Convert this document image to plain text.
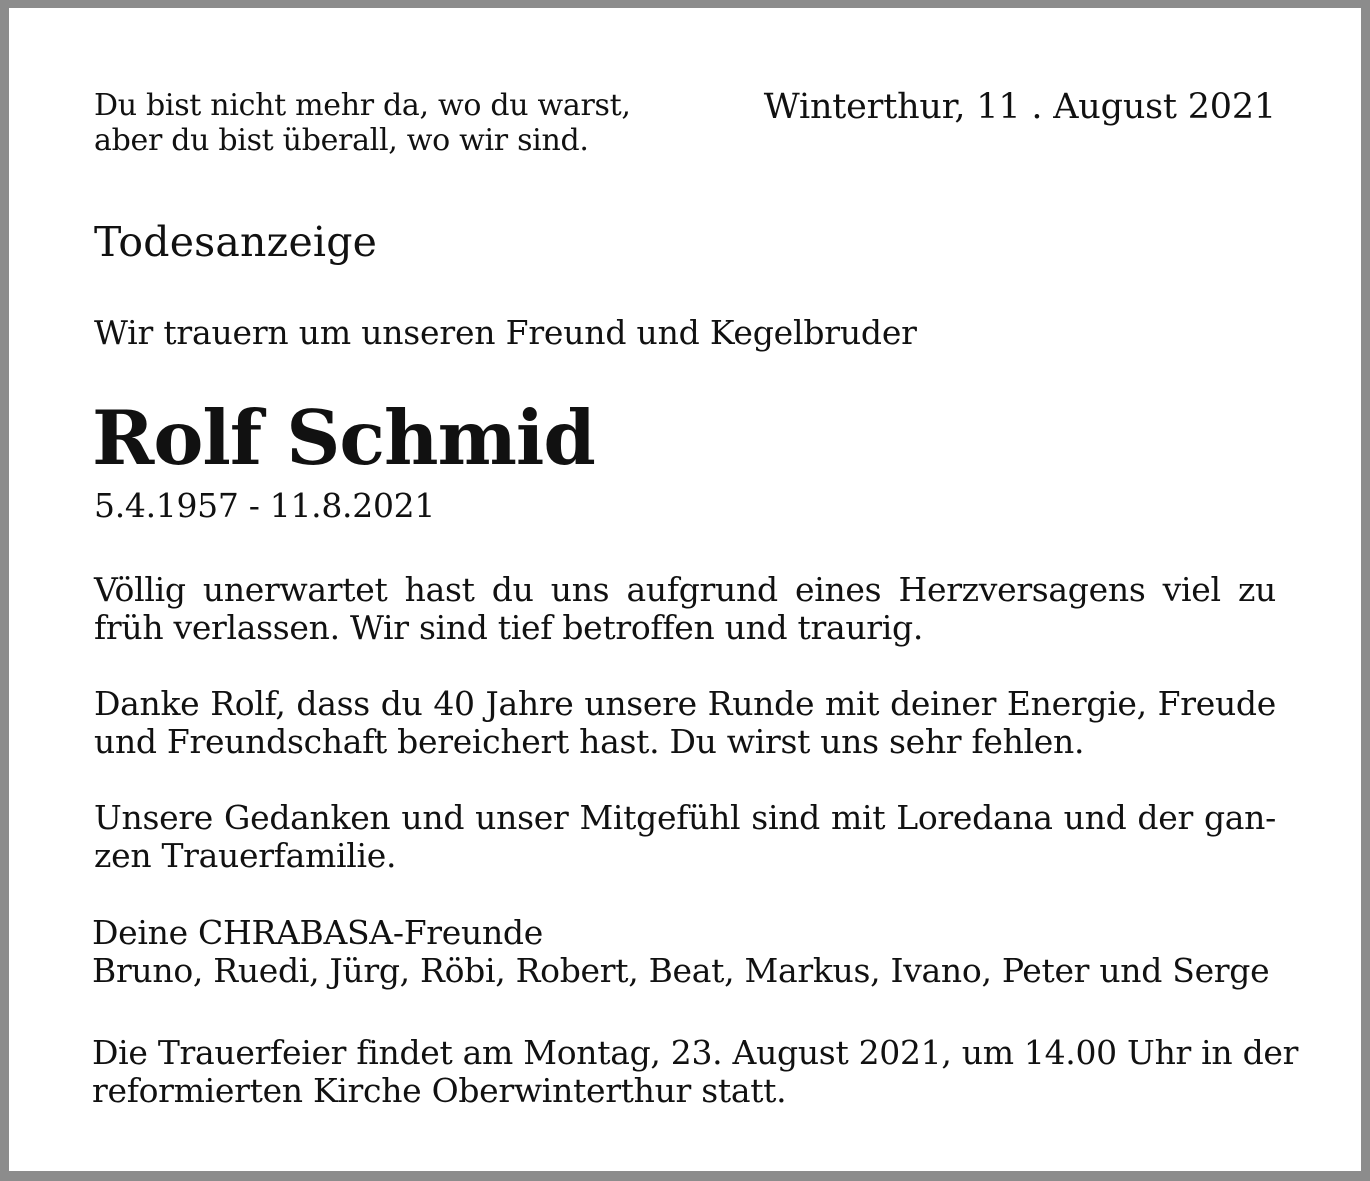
Du bist nicht mehr da, wo du warst,
aber du bist überall, wo wir sind.

Winterthur, 11 . August 2021

Todesanzeige

Wir trauern um unseren Freund und Kegelbruder

Rolf Schmid

5.4.1957 - 11.8.2021

Völlig unerwartet hast du uns aufgrund eines Herzversagens viel zu
früh verlassen. Wir sind tief betroffen und traurig.

Danke Rolf, dass du 40 Jahre unsere Runde mit deiner Energie, Freude
und Freundschaft bereichert hast. Du wirst uns sehr fehlen.

Unsere Gedanken und unser Mitgefühl sind mit Loredana und der gan-
zen Trauerfamilie.

Deine CHRABASA-Freunde
Bruno, Ruedi, Jürg, Röbi, Robert, Beat, Markus, Ivano, Peter und Serge

Die Trauerfeier findet am Montag, 23. August 2021, um 14.00 Uhr in der
reformierten Kirche Oberwinterthur statt.
